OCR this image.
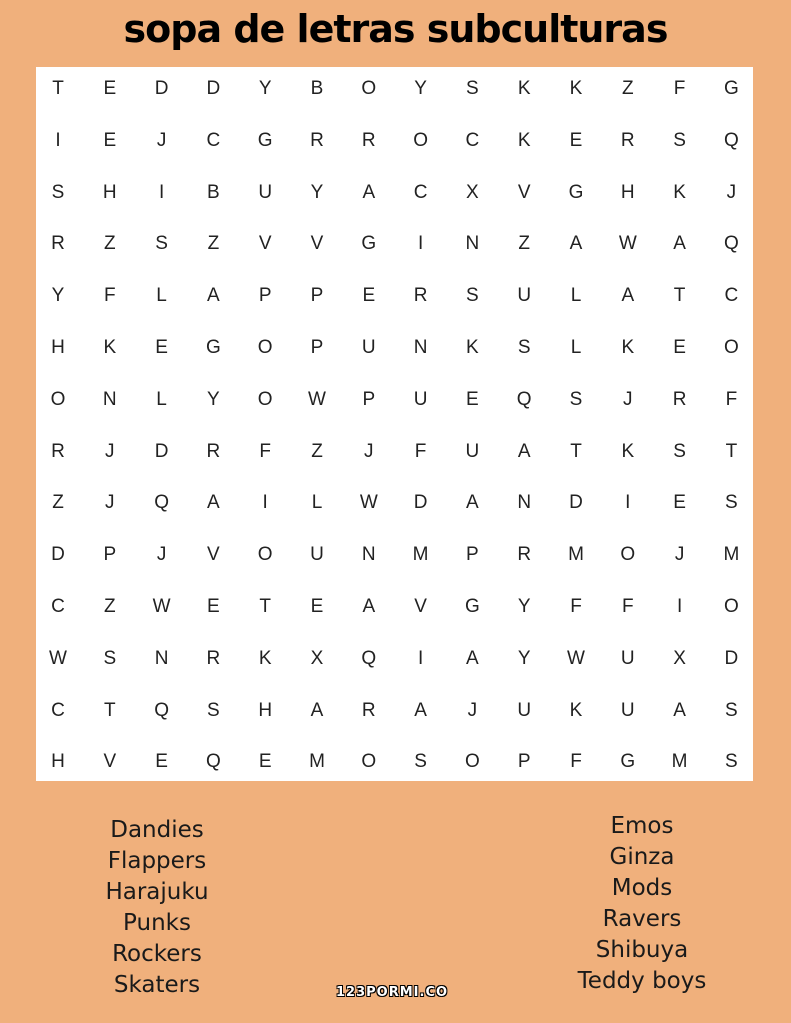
sopa de letras subculturas
T	E	D	D	Y	B	O	Y	S	K	K	Z	F	G
I	E	J	C	G	R	R	O	C	K	E	R	S	Q
S	H	I	B	U	Y	A	C	X	V	G	H	K	J
R	Z	S	Z	V	V	G	I	N	Z	A	W	A	Q
Y	F	L	A	P	P	E	R	S	U	L	A	T	C
H	K	E	G	O	P	U	N	K	S	L	K	E	O
O	N	L	Y	O	W	P	U	E	Q	S	J	R	F
R	J	D	R	F	Z	J	F	U	A	T	K	S	T
Z	J	Q	A	I	L	W	D	A	N	D	I	E	S
D	P	J	V	O	U	N	M	P	R	M	O	J	M
C	Z	W	E	T	E	A	V	G	Y	F	F	I	O
W	S	N	R	K	X	Q	I	A	Y	W	U	X	D
C	T	Q	S	H	A	R	A	J	U	K	U	A	S
H	V	E	Q	E	M	O	S	O	P	F	G	M	S
Dandies
Flappers
Harajuku
Punks
Rockers
Skaters
Emos
Ginza
Mods
Ravers
Shibuya
Teddy boys
123PORMI.CO
